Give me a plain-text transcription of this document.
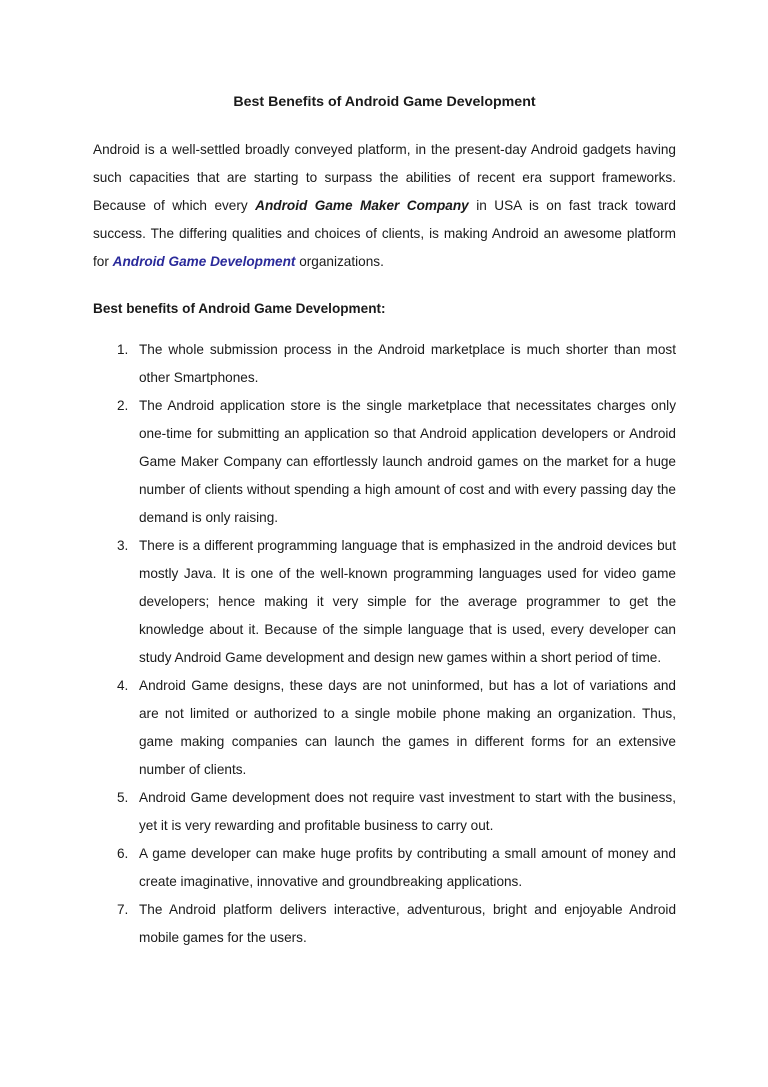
Best Benefits of Android Game Development

Android is a well-settled broadly conveyed platform, in the present-day Android gadgets having such capacities that are starting to surpass the abilities of recent era support frameworks. Because of which every Android Game Maker Company in USA is on fast track toward success. The differing qualities and choices of clients, is making Android an awesome platform for Android Game Development organizations.

Best benefits of Android Game Development:
1. The whole submission process in the Android marketplace is much shorter than most other Smartphones.
2. The Android application store is the single marketplace that necessitates charges only one-time for submitting an application so that Android application developers or Android Game Maker Company can effortlessly launch android games on the market for a huge number of clients without spending a high amount of cost and with every passing day the demand is only raising.
3. There is a different programming language that is emphasized in the android devices but mostly Java. It is one of the well-known programming languages used for video game developers; hence making it very simple for the average programmer to get the knowledge about it. Because of the simple language that is used, every developer can study Android Game development and design new games within a short period of time.
4. Android Game designs, these days are not uninformed, but has a lot of variations and are not limited or authorized to a single mobile phone making an organization. Thus, game making companies can launch the games in different forms for an extensive number of clients.
5. Android Game development does not require vast investment to start with the business, yet it is very rewarding and profitable business to carry out.
6. A game developer can make huge profits by contributing a small amount of money and create imaginative, innovative and groundbreaking applications.
7. The Android platform delivers interactive, adventurous, bright and enjoyable Android mobile games for the users.
